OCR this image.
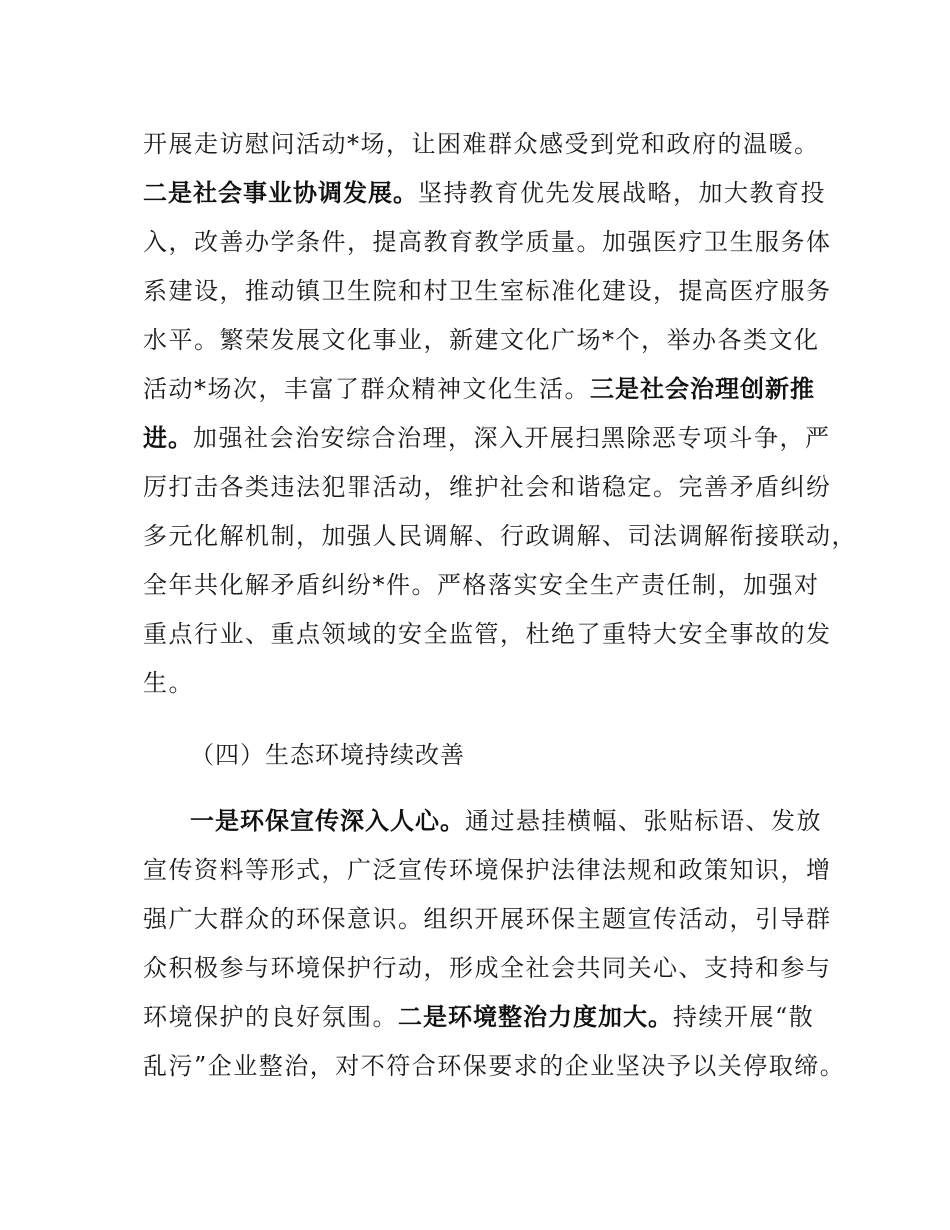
开展走访慰问活动*场，让困难群众感受到党和政府的温暖。
二是社会事业协调发展。坚持教育优先发展战略，加大教育投
入，改善办学条件，提高教育教学质量。加强医疗卫生服务体
系建设，推动镇卫生院和村卫生室标准化建设，提高医疗服务
水平。繁荣发展文化事业，新建文化广场*个，举办各类文化
活动*场次，丰富了群众精神文化生活。三是社会治理创新推
进。加强社会治安综合治理，深入开展扫黑除恶专项斗争，严
厉打击各类违法犯罪活动，维护社会和谐稳定。完善矛盾纠纷
多元化解机制，加强人民调解、行政调解、司法调解衔接联动，
全年共化解矛盾纠纷*件。严格落实安全生产责任制，加强对
重点行业、重点领域的安全监管，杜绝了重特大安全事故的发
生。
（四）生态环境持续改善
一是环保宣传深入人心。通过悬挂横幅、张贴标语、发放
宣传资料等形式，广泛宣传环境保护法律法规和政策知识，增
强广大群众的环保意识。组织开展环保主题宣传活动，引导群
众积极参与环境保护行动，形成全社会共同关心、支持和参与
环境保护的良好氛围。二是环境整治力度加大。持续开展“散
乱污”企业整治，对不符合环保要求的企业坚决予以关停取缔。
